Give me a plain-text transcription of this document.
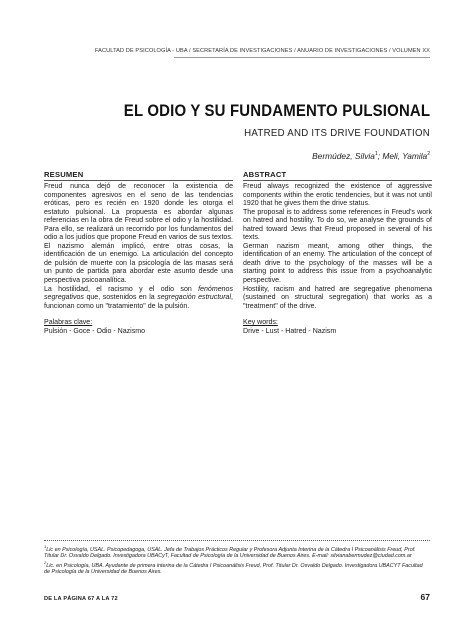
FACULTAD DE PSICOLOGÍA - UBA / SECRETARÍA DE INVESTIGACIONES / ANUARIO DE INVESTIGACIONES / VOLUMEN XX
EL ODIO Y SU FUNDAMENTO PULSIONAL
HATRED AND ITS DRIVE FOUNDATION
Bermúdez, Silvia$^1$; Meli, Yamila$^2$
RESUMEN

Freud nunca dejó de reconocer la existencia de componentes agresivos en el seno de las tendencias eróticas, pero es recién en 1920 donde les otorga el estatuto pulsional. La propuesta es abordar algunas referencias en la obra de Freud sobre el odio y la hostilidad. Para ello, se realizará un recorrido por los fundamentos del odio a los judíos que propone Freud en varios de sus textos.

El nazismo alemán implicó, entre otras cosas, la identificación de un enemigo. La articulación del concepto de pulsión de muerte con la psicología de las masas será un punto de partida para abordar este asunto desde una perspectiva psicoanalítica.

La hostilidad, el racismo y el odio son fenómenos segregativos que, sostenidos en la segregación estructural, funcionan como un "tratamiento" de la pulsión.

Palabras clave:
Pulsión - Goce - Odio - Nazismo
ABSTRACT

Freud always recognized the existence of aggressive components within the erotic tendencies, but it was not until 1920 that he gives them the drive status.

The proposal is to address some references in Freud's work on hatred and hostility. To do so, we analyse the grounds of hatred toward Jews that Freud proposed in several of his texts.

German nazism meant, among other things, the identification of an enemy. The articulation of the concept of death drive to the psychology of the masses will be a starting point to address this issue from a psychoanalytic perspective.

Hostility, racism and hatred are segregative phenomena (sustained on structural segregation) that works as a "treatment" of the drive.

Key words:
Drive - Lust - Hatred - Nazism

$^1$Lic en Psicología, USAL. Psicopedagoga, USAL. Jefa de Trabajos Prácticos Regular y Profesora Adjunta Interina de la Cátedra I Psicoanálisis Freud, Prof. Titular Dr. Osvaldo Delgado. Investigadora UBACyT, Facultad de Psicología de la Universidad de Buenos Aires. E-mail: silvianabermudez@ciudad.com.ar

$^2$Lic. en Psicología, UBA. Ayudante de primera interina de la Cátedra I Psicoanálisis Freud, Prof. Titular Dr. Osvaldo Delgado. Investigadora UBACYT Facultad de Psicología de la Universidad de Buenos Aires.

DE LA PÁGINA 67 A LA 72	67
